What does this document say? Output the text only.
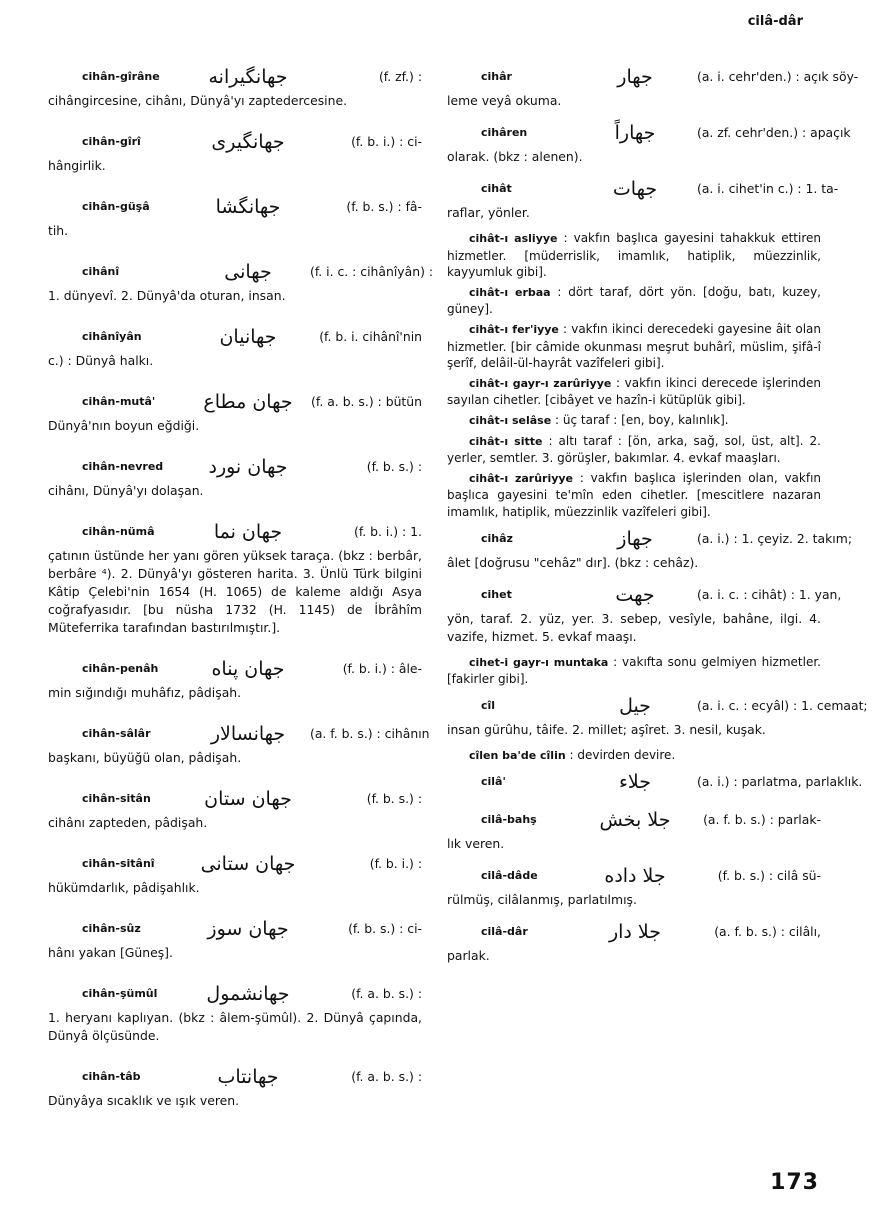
cilâ-dâr
cihân-gîrâne	جهانگیرانه	(f. zf.) :
cihângircesine, cihânı, Dünyâ'yı zaptedercesine.
cihân-gîrî	جهانگیری	(f. b. i.) : ci-
hângirlik.
cihân-güşâ	جهانگشا	(f. b. s.) : fâ-
tih.
cihânî	جهانی	(f. i. c. : cihânîyân) :
1. dünyevî. 2. Dünyâ'da oturan, insan.
cihânîyân	جهانیان	(f. b. i. cihânî'nin
c.) : Dünyâ halkı.
cihân-mutâ'	جهان مطاع	(f. a. b. s.) : bütün
Dünyâ'nın boyun eğdiği.
cihân-nevred	جهان نورد	(f. b. s.) :
cihânı, Dünyâ'yı dolaşan.
cihân-nümâ	جهان نما	(f. b. i.) : 1.
çatının üstünde her yanı gören yüksek taraça. (bkz : berbâr, berbâre ⁴). 2. Dünyâ'yı gösteren harita. 3. Ünlü Türk bilgini Kâtip Çelebi'nin 1654 (H. 1065) de kaleme aldığı Asya coğrafyasıdır. [bu nüsha 1732 (H. 1145) de İbrâhîm Müteferrika tarafından bastırılmıştır.].
cihân-penâh	جهان پناه	(f. b. i.) : âle-
min sığındığı muhâfız, pâdişah.
cihân-sâlâr	جهانسالار	(a. f. b. s.) : cihânın
başkanı, büyüğü olan, pâdişah.
cihân-sitân	جهان ستان	(f. b. s.) :
cihânı zapteden, pâdişah.
cihân-sitânî	جهان ستانی	(f. b. i.) :
hükümdarlık, pâdişahlık.
cihân-sûz	جهان سوز	(f. b. s.) : ci-
hânı yakan [Güneş].
cihân-şümûl	جهانشمول	(f. a. b. s.) :
1. heryanı kaplıyan. (bkz : âlem-şümûl). 2. Dünyâ çapında, Dünyâ ölçüsünde.
cihân-tâb	جهانتاب	(f. a. b. s.) :
Dünyâya sıcaklık ve ışık veren.
cihâr	جهار	(a. i. cehr'den.) : açık söy-
leme veyâ okuma.
cihâren	جهاراً	(a. zf. cehr'den.) : apaçık
olarak. (bkz : alenen).
cihât	جهات	(a. i. cihet'in c.) : 1. ta-
raflar, yönler.
cihât-ı asliyye : vakfın başlıca gayesini tahakkuk ettiren hizmetler. [müderrislik, imamlık, hatiplik, müezzinlik, kayyumluk gibi].
cihât-ı erbaa : dört taraf, dört yön. [doğu, batı, kuzey, güney].
cihât-ı fer'iyye : vakfın ikinci derecedeki gayesine âit olan hizmetler. [bir câmide okunması meşrut buhârî, müslim, şifâ-î şerîf, delâil-ül-hayrât vazîfeleri gibi].
cihât-ı gayr-ı zarûriyye : vakfın ikinci derecede işlerinden sayılan cihetler. [cibâyet ve hazîn-i kütüplük gibi].
cihât-ı selâse : üç taraf : [en, boy, kalınlık].
cihât-ı sitte : altı taraf : [ön, arka, sağ, sol, üst, alt]. 2. yerler, semtler. 3. görüşler, bakımlar. 4. evkaf maaşları.
cihât-ı zarûriyye : vakfın başlıca işlerinden olan, vakfın başlıca gayesini te'mîn eden cihetler. [mescitlere nazaran imamlık, hatiplik, müezzinlik vazîfeleri gibi].
cihâz	جهاز	(a. i.) : 1. çeyiz. 2. takım;
âlet [doğrusu "cehâz" dır]. (bkz : cehâz).
cihet	جهت	(a. i. c. : cihât) : 1. yan,
yön, taraf. 2. yüz, yer. 3. sebep, vesîyle, bahâne, ilgi. 4. vazife, hizmet. 5. evkaf maaşı.
cihet-i gayr-ı muntaka : vakıfta sonu gelmiyen hizmetler. [fakirler gibi].
cîl	جيل	(a. i. c. : ecyâl) : 1. cemaat;
insan gürûhu, tâife. 2. millet; aşîret. 3. nesil, kuşak.
cîlen ba'de cîlin : devirden devire.
cilâ'	جلاء	(a. i.) : parlatma, parlaklık.
cilâ-bahş	جلا بخش	(a. f. b. s.) : parlak-
lık veren.
cilâ-dâde	جلا داده	(f. b. s.) : cilâ sü-
rülmüş, cilâlanmış, parlatılmış.
cilâ-dâr	جلا دار	(a. f. b. s.) : cilâlı,
parlak.
173
